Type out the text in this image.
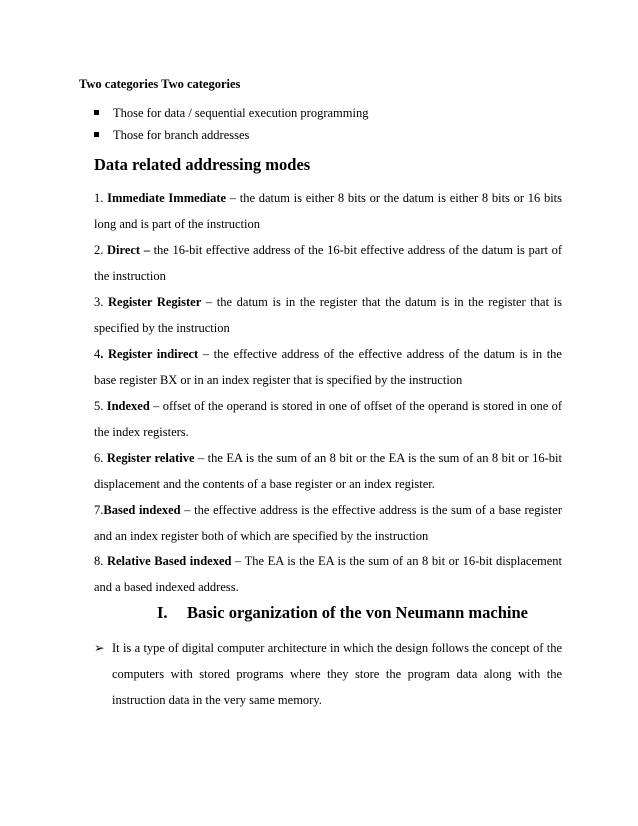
Two categories Two categories

Those for data / sequential execution programming
Those for branch addresses
Data related addressing modes

1. Immediate Immediate – the datum is either 8 bits or the datum is either 8 bits or 16 bits long and is part of the instruction

2. Direct – the 16-bit effective address of the 16-bit effective address of the datum is part of the instruction

3. Register Register – the datum is in the register that the datum is in the register that is specified by the instruction

4. Register indirect – the effective address of the effective address of the datum is in the base register BX or in an index register that is specified by the instruction

5. Indexed – offset of the operand is stored in one of offset of the operand is stored in one of the index registers.

6. Register relative – the EA is the sum of an 8 bit or the EA is the sum of an 8 bit or 16-bit displacement and the contents of a base register or an index register.

7.Based indexed – the effective address is the effective address is the sum of a base register and an index register both of which are specified by the instruction

8. Relative Based indexed – The EA is the EA is the sum of an 8 bit or 16-bit displacement and a based indexed address.

I. Basic organization of the von Neumann machine
➢ It is a type of digital computer architecture in which the design follows the concept of the computers with stored programs where they store the program data along with the instruction data in the very same memory.
